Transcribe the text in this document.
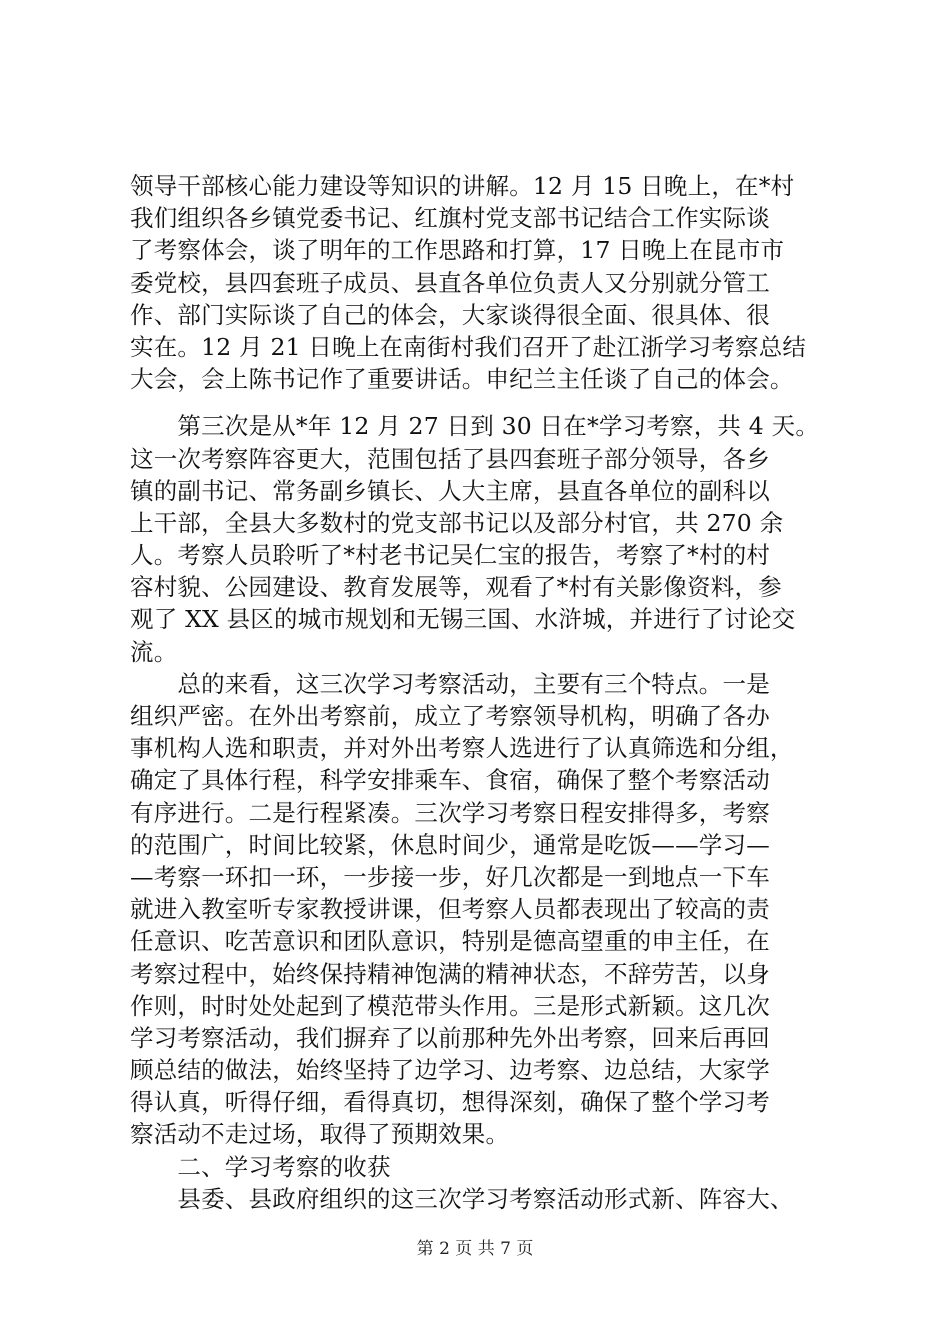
领导干部核心能力建设等知识的讲解。12 月 15 日晚上，在*村
我们组织各乡镇党委书记、红旗村党支部书记结合工作实际谈
了考察体会，谈了明年的工作思路和打算，17 日晚上在昆市市
委党校，县四套班子成员、县直各单位负责人又分别就分管工
作、部门实际谈了自己的体会，大家谈得很全面、很具体、很
实在。12 月 21 日晚上在南街村我们召开了赴江浙学习考察总结
大会，会上陈书记作了重要讲话。申纪兰主任谈了自己的体会。
　　第三次是从*年 12 月 27 日到 30 日在*学习考察，共 4 天。
这一次考察阵容更大，范围包括了县四套班子部分领导，各乡
镇的副书记、常务副乡镇长、人大主席，县直各单位的副科以
上干部，全县大多数村的党支部书记以及部分村官，共 270 余
人。考察人员聆听了*村老书记吴仁宝的报告，考察了*村的村
容村貌、公园建设、教育发展等，观看了*村有关影像资料，参
观了 XX 县区的城市规划和无锡三国、水浒城，并进行了讨论交
流。
　　总的来看，这三次学习考察活动，主要有三个特点。一是
组织严密。在外出考察前，成立了考察领导机构，明确了各办
事机构人选和职责，并对外出考察人选进行了认真筛选和分组，
确定了具体行程，科学安排乘车、食宿，确保了整个考察活动
有序进行。二是行程紧凑。三次学习考察日程安排得多，考察
的范围广，时间比较紧，休息时间少，通常是吃饭——学习—
—考察一环扣一环，一步接一步，好几次都是一到地点一下车
就进入教室听专家教授讲课，但考察人员都表现出了较高的责
任意识、吃苦意识和团队意识，特别是德高望重的申主任，在
考察过程中，始终保持精神饱满的精神状态，不辞劳苦，以身
作则，时时处处起到了模范带头作用。三是形式新颖。这几次
学习考察活动，我们摒弃了以前那种先外出考察，回来后再回
顾总结的做法，始终坚持了边学习、边考察、边总结，大家学
得认真，听得仔细，看得真切，想得深刻，确保了整个学习考
察活动不走过场，取得了预期效果。
　　二、学习考察的收获
　　县委、县政府组织的这三次学习考察活动形式新、阵容大、
第 2 页 共 7 页
